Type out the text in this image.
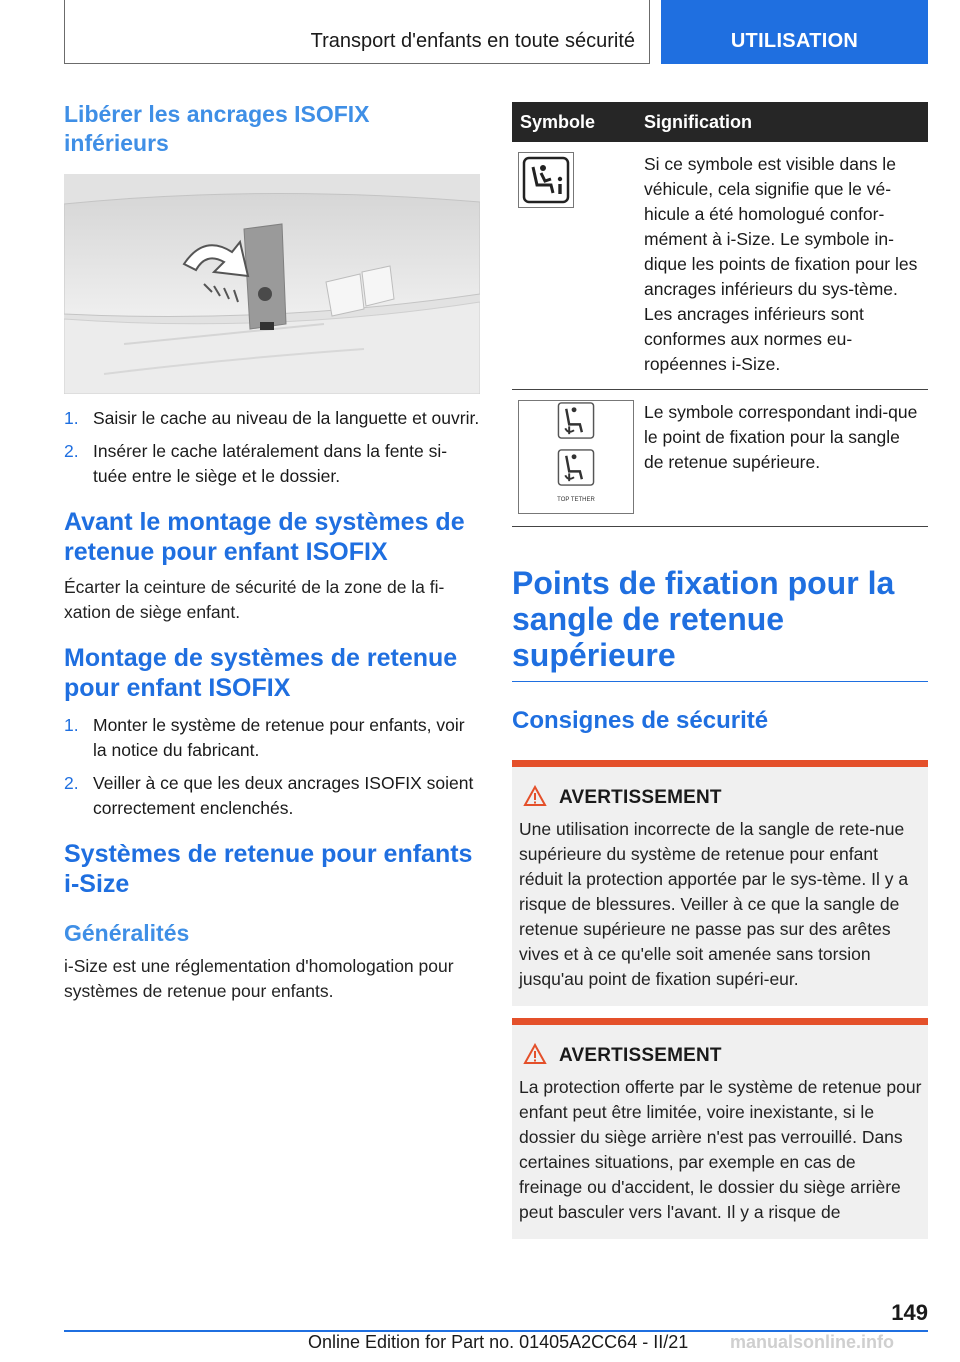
Transport d'enfants en toute sécurité	UTILISATION
Libérer les ancrages ISOFIX inférieurs
1. Saisir le cache au niveau de la languette et ouvrir.
2. Insérer le cache latéralement dans la fente si‐tuée entre le siège et le dossier.
Avant le montage de systèmes de retenue pour enfant ISOFIX

Écarter la ceinture de sécurité de la zone de la fi‐xation de siège enfant.

Montage de systèmes de retenue pour enfant ISOFIX
1. Monter le système de retenue pour enfants, voir la notice du fabricant.
2. Veiller à ce que les deux ancrages ISOFIX soient correctement enclenchés.
Systèmes de retenue pour enfants i-Size
Généralités

i-Size est une réglementation d'homologation pour systèmes de retenue pour enfants.

Symbole	Signification

	Si ce symbole est visible dans le véhicule, cela signifie que le vé‐hicule a été homologué confor‐mément à i-Size. Le symbole in‐dique les points de fixation pour les ancrages inférieurs du sys‐tème. Les ancrages inférieurs sont conformes aux normes eu‐ropéennes i-Size.

TOP TETHER	Le symbole correspondant indi‐que le point de fixation pour la sangle de retenue supérieure.
Points de fixation pour la sangle de retenue supérieure
Consignes de sécurité
AVERTISSEMENT

Une utilisation incorrecte de la sangle de rete‐nue supérieure du système de retenue pour enfant réduit la protection apportée par le sys‐tème. Il y a risque de blessures. Veiller à ce que la sangle de retenue supérieure ne passe pas sur des arêtes vives et à ce qu'elle soit amenée sans torsion jusqu'au point de fixation supéri‐eur.

AVERTISSEMENT

La protection offerte par le système de retenue pour enfant peut être limitée, voire inexistante, si le dossier du siège arrière n'est pas verrouillé. Dans certaines situations, par exemple en cas de freinage ou d'accident, le dossier du siège arrière peut basculer vers l'avant. Il y a risque de

149
Online Edition for Part no. 01405A2CC64 - II/21 manualsonline.info
